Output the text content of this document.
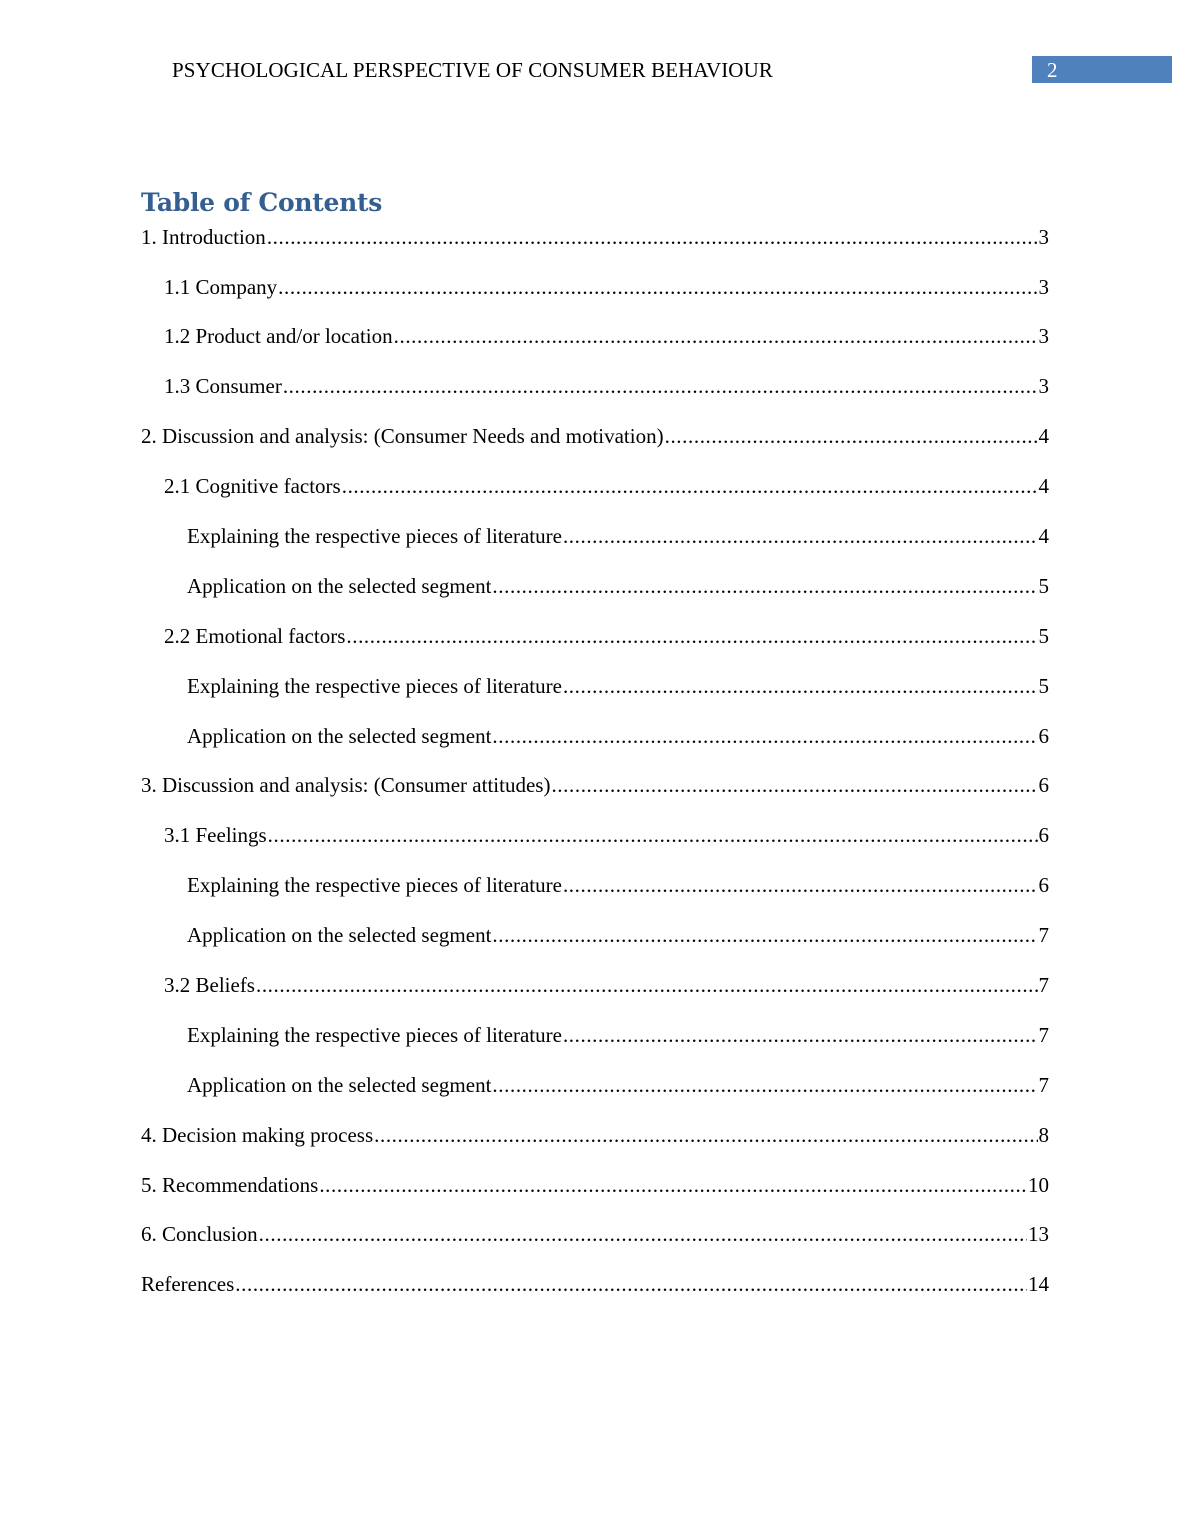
PSYCHOLOGICAL PERSPECTIVE OF CONSUMER BEHAVIOUR	2
Table of Contents
1. Introduction .....	3
1.1 Company .....	3
1.2 Product and/or location .....	3
1.3 Consumer .....	3
2. Discussion and analysis: (Consumer Needs and motivation) .....	4
2.1 Cognitive factors .....	4
Explaining the respective pieces of literature .....	4
Application on the selected segment .....	5
2.2 Emotional factors .....	5
Explaining the respective pieces of literature .....	5
Application on the selected segment .....	6
3. Discussion and analysis: (Consumer attitudes) .....	6
3.1 Feelings .....	6
Explaining the respective pieces of literature .....	6
Application on the selected segment .....	7
3.2 Beliefs .....	7
Explaining the respective pieces of literature .....	7
Application on the selected segment .....	7
4. Decision making process .....	8
5. Recommendations .....	10
6. Conclusion .....	13
References .....	14
